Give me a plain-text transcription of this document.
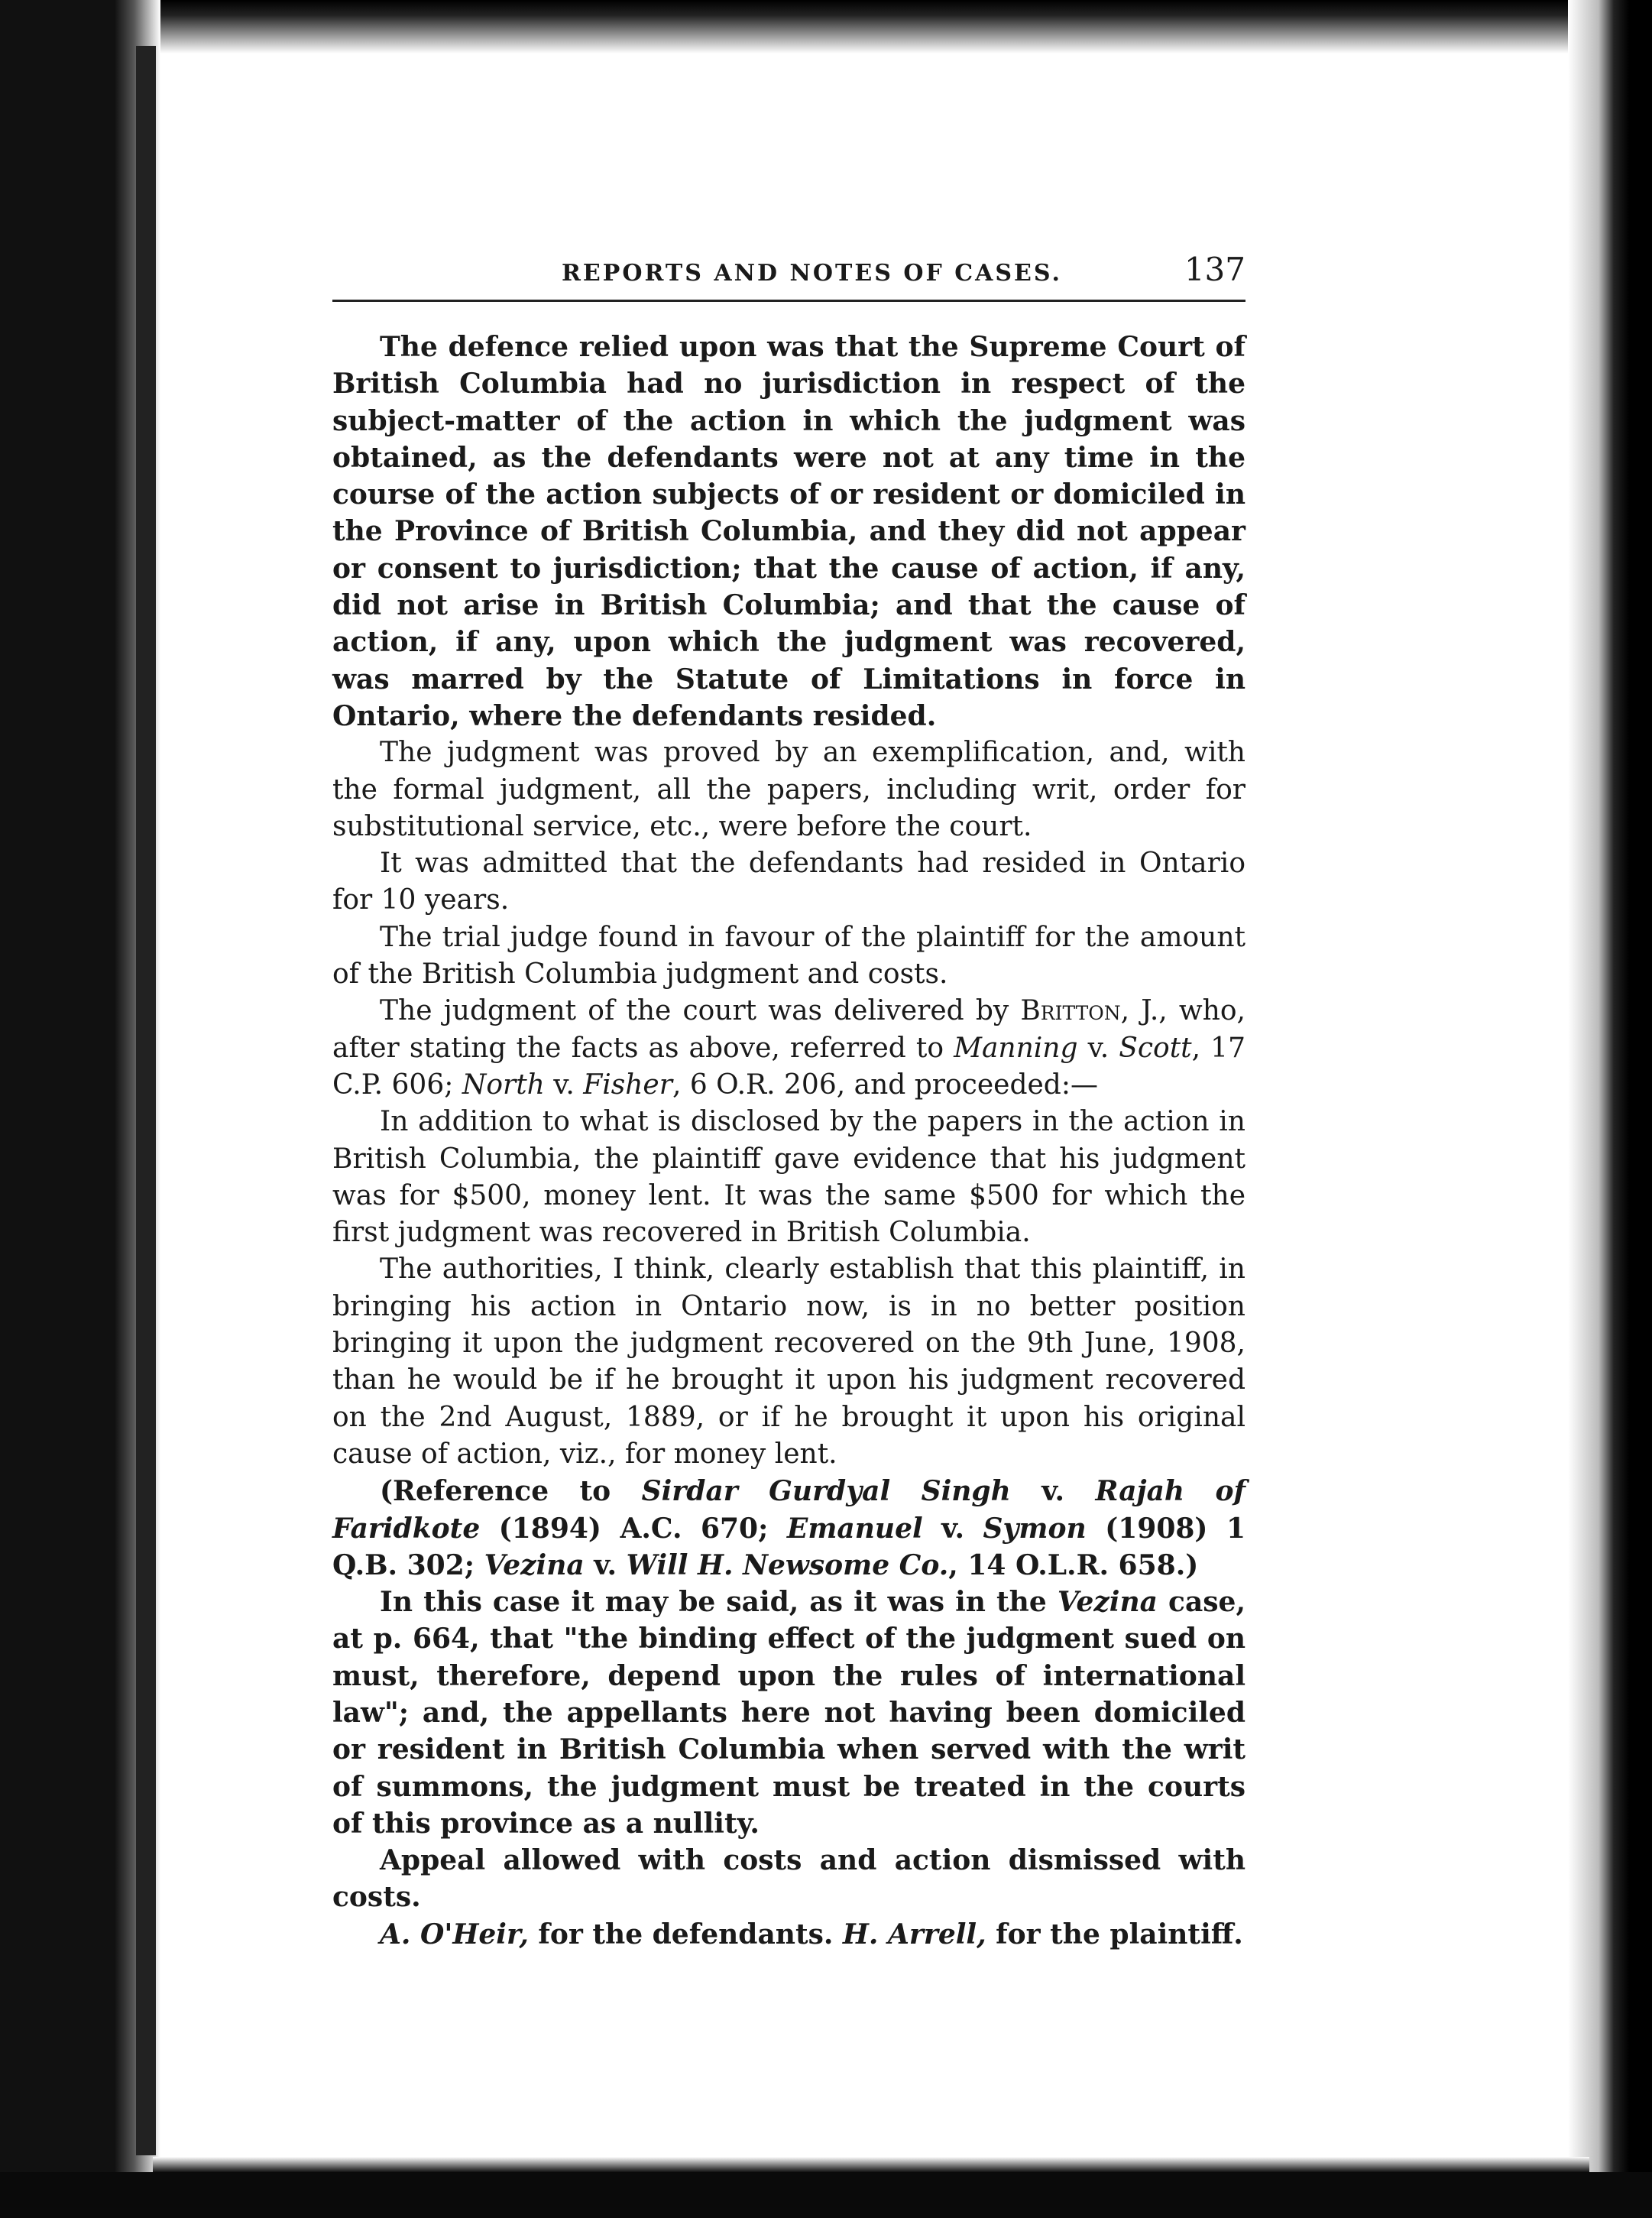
REPORTS AND NOTES OF CASES.	137

The defence relied upon was that the Supreme Court of British Columbia had no jurisdiction in respect of the subject-matter of the action in which the judgment was obtained, as the defendants were not at any time in the course of the action subjects of or resident or domiciled in the Province of British Columbia, and they did not appear or consent to jurisdiction; that the cause of action, if any, did not arise in British Columbia; and that the cause of action, if any, upon which the judgment was recovered, was marred by the Statute of Limitations in force in Ontario, where the defendants resided.

The judgment was proved by an exemplification, and, with the formal judgment, all the papers, including writ, order for substitutional service, etc., were before the court.

It was admitted that the defendants had resided in Ontario for 10 years.

The trial judge found in favour of the plaintiff for the amount of the British Columbia judgment and costs.

The judgment of the court was delivered by Britton, J., who, after stating the facts as above, referred to Manning v. Scott, 17 C.P. 606; North v. Fisher, 6 O.R. 206, and proceeded:—

In addition to what is disclosed by the papers in the action in British Columbia, the plaintiff gave evidence that his judgment was for $500, money lent. It was the same $500 for which the first judgment was recovered in British Columbia.

The authorities, I think, clearly establish that this plaintiff, in bringing his action in Ontario now, is in no better position bringing it upon the judgment recovered on the 9th June, 1908, than he would be if he brought it upon his judgment recovered on the 2nd August, 1889, or if he brought it upon his original cause of action, viz., for money lent.

(Reference to Sirdar Gurdyal Singh v. Rajah of Faridkote (1894) A.C. 670; Emanuel v. Symon (1908) 1 Q.B. 302; Vezina v. Will H. Newsome Co., 14 O.L.R. 658.)

In this case it may be said, as it was in the Vezina case, at p. 664, that "the binding effect of the judgment sued on must, therefore, depend upon the rules of international law"; and, the appellants here not having been domiciled or resident in British Columbia when served with the writ of summons, the judgment must be treated in the courts of this province as a nullity.

Appeal allowed with costs and action dismissed with costs.

A. O'Heir, for the defendants. H. Arrell, for the plaintiff.
